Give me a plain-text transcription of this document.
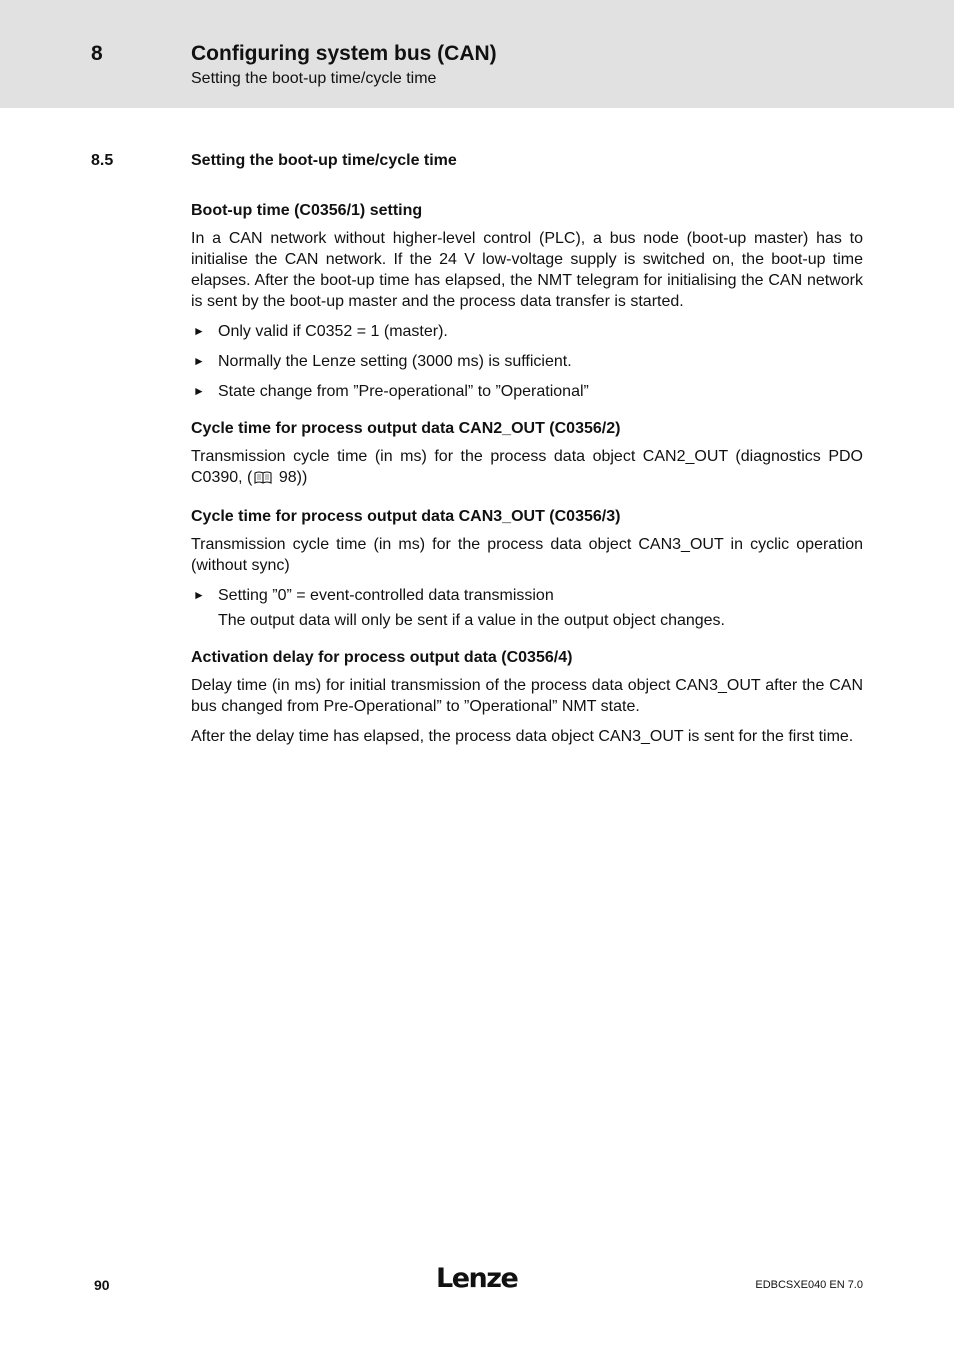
8	Configuring system bus (CAN)
Setting the boot-up time/cycle time
8.5	Setting the boot-up time/cycle time
Boot-up time (C0356/1) setting

In a CAN network without higher-level control (PLC), a bus node (boot-up master) has to initialise the CAN network. If the 24 V low-voltage supply is switched on, the boot-up time elapses. After the boot-up time has elapsed, the NMT telegram for initialising the CAN network is sent by the boot-up master and the process data transfer is started.

► Only valid if C0352 = 1 (master).
► Normally the Lenze setting (3000 ms) is sufficient.
► State change from ”Pre-operational” to ”Operational”
Cycle time for process output data CAN2_OUT (C0356/2)

Transmission cycle time (in ms) for the process data object CAN2_OUT (diagnostics PDO C0390, ( 98))

Cycle time for process output data CAN3_OUT (C0356/3)

Transmission cycle time (in ms) for the process data object CAN3_OUT in cyclic operation (without sync)

► Setting ”0” = event-controlled data transmission
The output data will only be sent if a value in the output object changes.
Activation delay for process output data (C0356/4)

Delay time (in ms) for initial transmission of the process data object CAN3_OUT after the CAN bus changed from Pre-Operational” to ”Operational” NMT state.

After the delay time has elapsed, the process data object CAN3_OUT is sent for the first time.

90	Lenze	EDBCSXE040 EN 7.0
